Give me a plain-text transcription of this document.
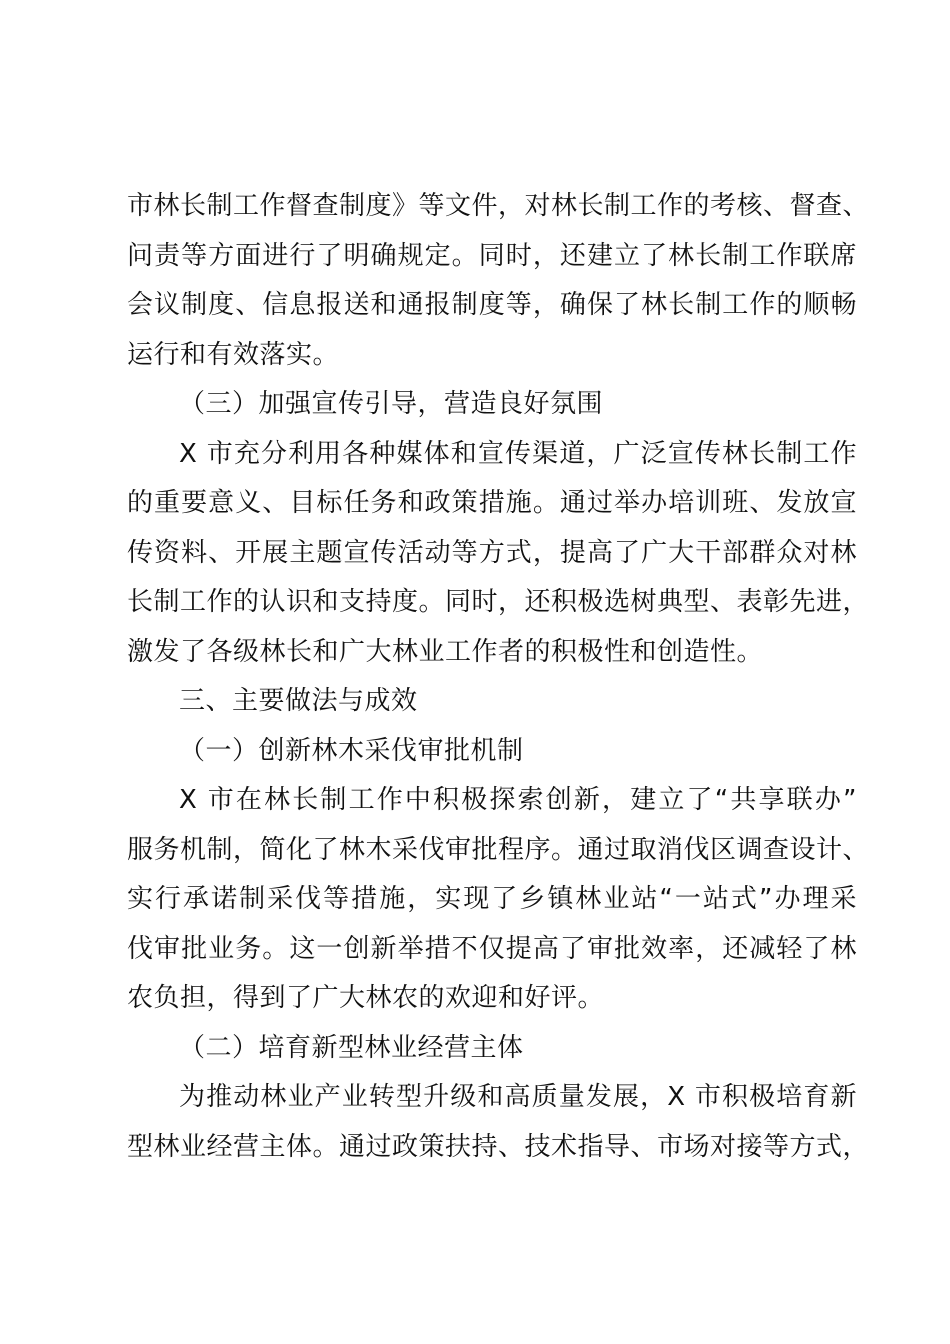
市林长制工作督查制度》等文件，对林长制工作的考核、督查、
问责等方面进行了明确规定。同时，还建立了林长制工作联席
会议制度、信息报送和通报制度等，确保了林长制工作的顺畅
运行和有效落实。
（三）加强宣传引导，营造良好氛围
X 市充分利用各种媒体和宣传渠道，广泛宣传林长制工作
的重要意义、目标任务和政策措施。通过举办培训班、发放宣
传资料、开展主题宣传活动等方式，提高了广大干部群众对林
长制工作的认识和支持度。同时，还积极选树典型、表彰先进，
激发了各级林长和广大林业工作者的积极性和创造性。
三、主要做法与成效
（一）创新林木采伐审批机制
X 市在林长制工作中积极探索创新，建立了“共享联办”
服务机制，简化了林木采伐审批程序。通过取消伐区调查设计、
实行承诺制采伐等措施，实现了乡镇林业站“一站式”办理采
伐审批业务。这一创新举措不仅提高了审批效率，还减轻了林
农负担，得到了广大林农的欢迎和好评。
（二）培育新型林业经营主体
为推动林业产业转型升级和高质量发展，X 市积极培育新
型林业经营主体。通过政策扶持、技术指导、市场对接等方式，
